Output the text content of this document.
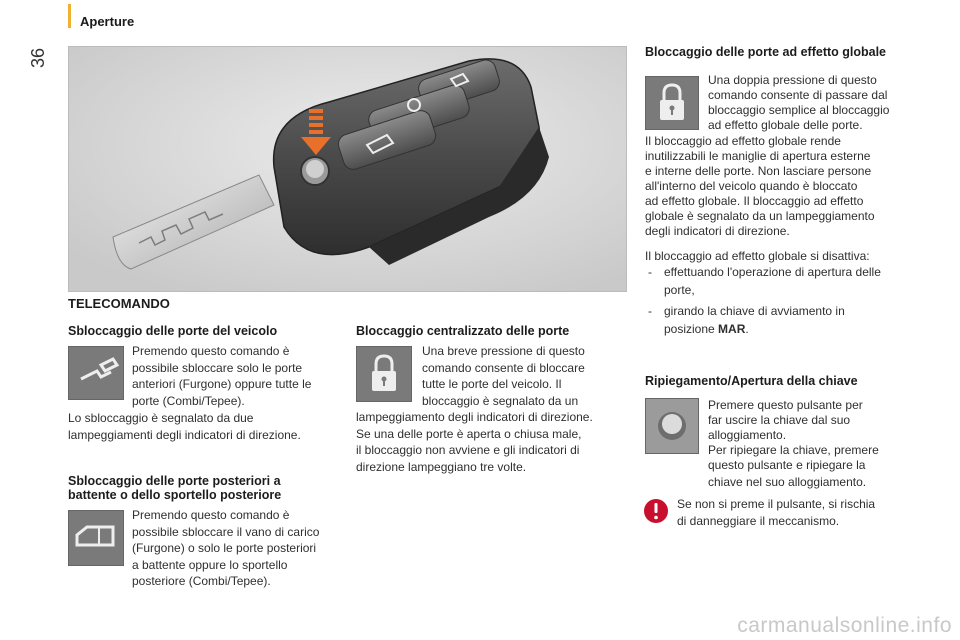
Aperture
36
TELECOMANDO
Sbloccaggio delle porte del veicolo
Premendo questo comando è
possibile sbloccare solo le porte
anteriori (Furgone) oppure tutte le
porte (Combi/Tepee).
Lo sbloccaggio è segnalato da due
lampeggiamenti degli indicatori di direzione.
Sbloccaggio delle porte posteriori a
battente o dello sportello posteriore
Premendo questo comando è
possibile sbloccare il vano di carico
(Furgone) o solo le porte posteriori
a battente oppure lo sportello
posteriore (Combi/Tepee).
Bloccaggio centralizzato delle porte
Una breve pressione di questo
comando consente di bloccare
tutte le porte del veicolo. Il
bloccaggio è segnalato da un
lampeggiamento degli indicatori di direzione.
Se una delle porte è aperta o chiusa male,
il bloccaggio non avviene e gli indicatori di
direzione lampeggiano tre volte.
Bloccaggio delle porte ad effetto globale
Una doppia pressione di questo
comando consente di passare dal
bloccaggio semplice al bloccaggio
ad effetto globale delle porte.
Il bloccaggio ad effetto globale rende
inutilizzabili le maniglie di apertura esterne
e interne delle porte. Non lasciare persone
all'interno del veicolo quando è bloccato
ad effetto globale. Il bloccaggio ad effetto
globale è segnalato da un lampeggiamento
degli indicatori di direzione.
Il bloccaggio ad effetto globale si disattiva:
- effettuando l'operazione di apertura delle
porte,
- girando la chiave di avviamento in
posizione MAR.
Ripiegamento/Apertura della chiave
Premere questo pulsante per
far uscire la chiave dal suo
alloggiamento.
Per ripiegare la chiave, premere
questo pulsante e ripiegare la
chiave nel suo alloggiamento.
Se non si preme il pulsante, si rischia
di danneggiare il meccanismo.
carmanualsonline.info
